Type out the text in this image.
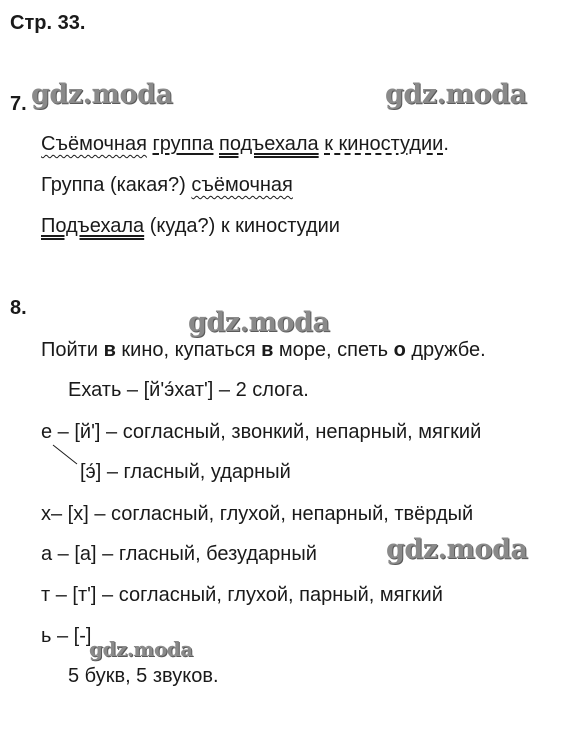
Стр. 33.
7. gdz.moda	gdz.moda
Съёмочная группа подъехала к киностудии.
Группа (какая?) съёмочная
Подъехала (куда?) к киностудии
8.	gdz.moda
Пойти в кино, купаться в море, спеть о дружбе.
Ехать – [й'э́хат'] – 2 слога.
е – [й'] – согласный, звонкий, непарный, мягкий
[э́] – гласный, ударный
х– [х] – согласный, глухой, непарный, твёрдый
а – [а] – гласный, безударный	gdz.moda
т – [т'] – согласный, глухой, парный, мягкий
ь – [-]
gdz.moda
5 букв, 5 звуков.
